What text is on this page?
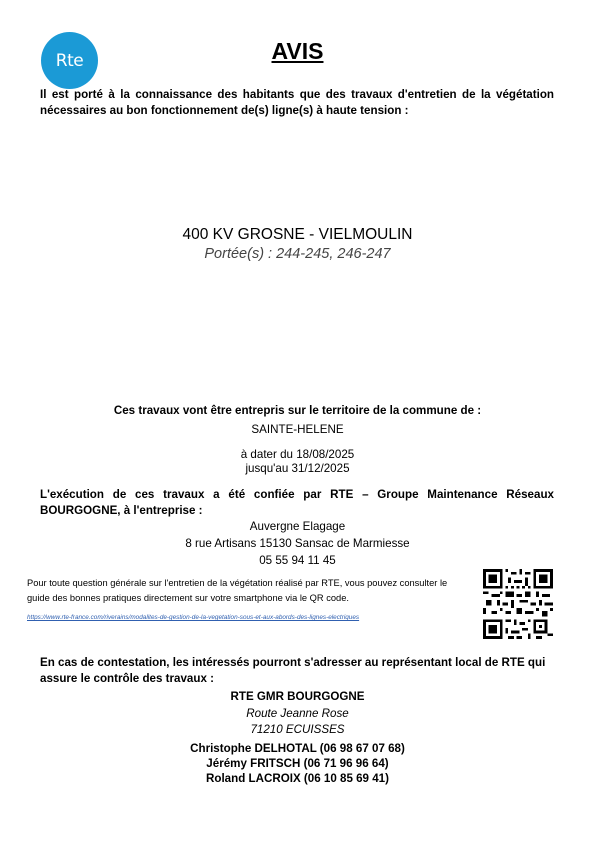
Rte	AVIS
Il est porté à la connaissance des habitants que des travaux d'entretien de la végétation nécessaires au bon fonctionnement de(s) ligne(s) à haute tension :
400 KV GROSNE - VIELMOULIN
Portée(s) : 244-245, 246-247
Ces travaux vont être entrepris sur le territoire de la commune de :
SAINTE-HELENE
à dater du 18/08/2025
jusqu'au 31/12/2025
L'exécution de ces travaux a été confiée par RTE – Groupe Maintenance Réseaux BOURGOGNE, à l'entreprise :
Auvergne Elagage
8 rue Artisans 15130 Sansac de Marmiesse
05 55 94 11 45
Pour toute question générale sur l'entretien de la végétation réalisé par RTE, vous pouvez consulter le guide des bonnes pratiques directement sur votre smartphone via le QR code.
https://www.rte-france.com/riverains/modalites-de-gestion-de-la-vegetation-sous-et-aux-abords-des-lignes-electriques
En cas de contestation, les intéressés pourront s'adresser au représentant local de RTE qui assure le contrôle des travaux :
RTE GMR BOURGOGNE
Route Jeanne Rose
71210 ECUISSES
Christophe DELHOTAL (06 98 67 07 68)
Jérémy FRITSCH (06 71 96 96 64)
Roland LACROIX (06 10 85 69 41)
